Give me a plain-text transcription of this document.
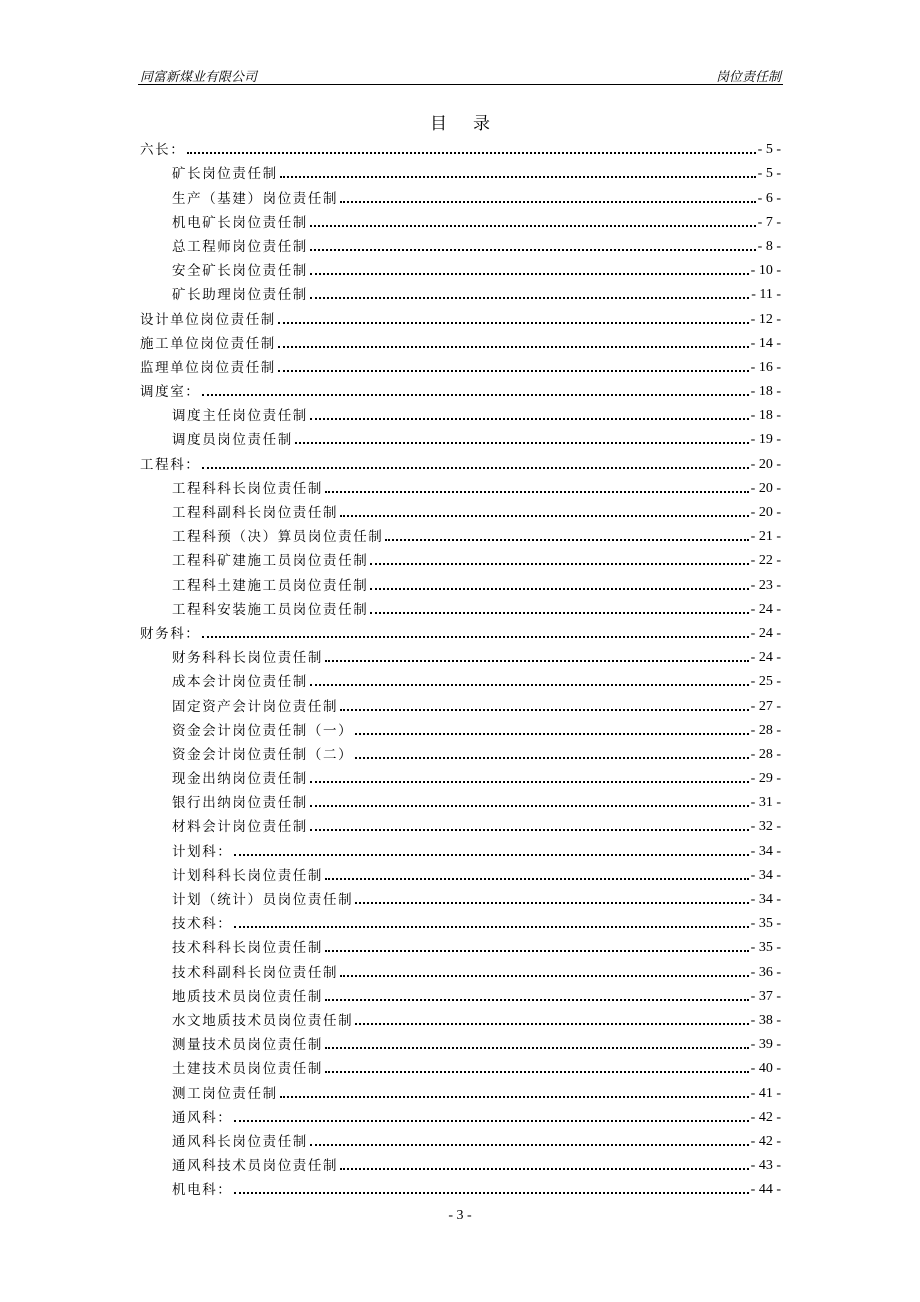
同富新煤业有限公司	岗位责任制
目录
六长：	- 5 -
矿长岗位责任制	- 5 -
生产（基建）岗位责任制	- 6 -
机电矿长岗位责任制	- 7 -
总工程师岗位责任制	- 8 -
安全矿长岗位责任制	- 10 -
矿长助理岗位责任制	- 11 -
设计单位岗位责任制	- 12 -
施工单位岗位责任制	- 14 -
监理单位岗位责任制	- 16 -
调度室：	- 18 -
调度主任岗位责任制	- 18 -
调度员岗位责任制	- 19 -
工程科：	- 20 -
工程科科长岗位责任制	- 20 -
工程科副科长岗位责任制	- 20 -
工程科预（决）算员岗位责任制	- 21 -
工程科矿建施工员岗位责任制	- 22 -
工程科土建施工员岗位责任制	- 23 -
工程科安装施工员岗位责任制	- 24 -
财务科：	- 24 -
财务科科长岗位责任制	- 24 -
成本会计岗位责任制	- 25 -
固定资产会计岗位责任制	- 27 -
资金会计岗位责任制（一）	- 28 -
资金会计岗位责任制（二）	- 28 -
现金出纳岗位责任制	- 29 -
银行出纳岗位责任制	- 31 -
材料会计岗位责任制	- 32 -
计划科：	- 34 -
计划科科长岗位责任制	- 34 -
计划（统计）员岗位责任制	- 34 -
技术科：	- 35 -
技术科科长岗位责任制	- 35 -
技术科副科长岗位责任制	- 36 -
地质技术员岗位责任制	- 37 -
水文地质技术员岗位责任制	- 38 -
测量技术员岗位责任制	- 39 -
土建技术员岗位责任制	- 40 -
测工岗位责任制	- 41 -
通风科：	- 42 -
通风科长岗位责任制	- 42 -
通风科技术员岗位责任制	- 43 -
机电科：	- 44 -
- 3 -
